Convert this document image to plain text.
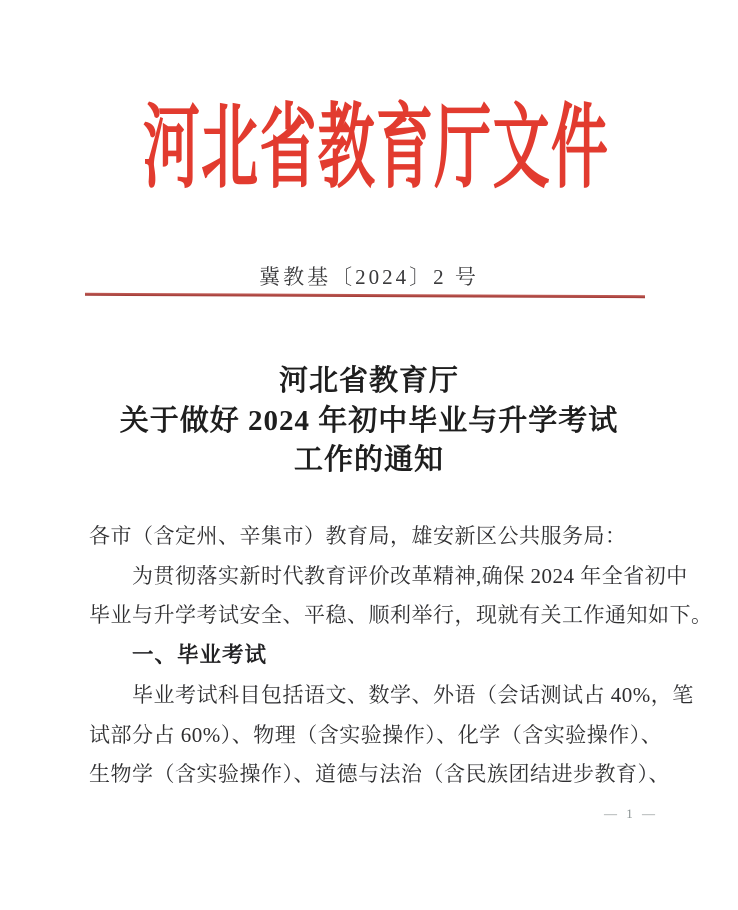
河北省教育厅文件
冀教基〔2024〕2 号
河北省教育厅
关于做好 2024 年初中毕业与升学考试
工作的通知
各市（含定州、辛集市）教育局，雄安新区公共服务局：
为贯彻落实新时代教育评价改革精神,确保 2024 年全省初中
毕业与升学考试安全、平稳、顺利举行，现就有关工作通知如下。
一、毕业考试
毕业考试科目包括语文、数学、外语（会话测试占 40%，笔
试部分占 60%）、物理（含实验操作）、化学（含实验操作）、
生物学（含实验操作）、道德与法治（含民族团结进步教育）、
— 1 —
